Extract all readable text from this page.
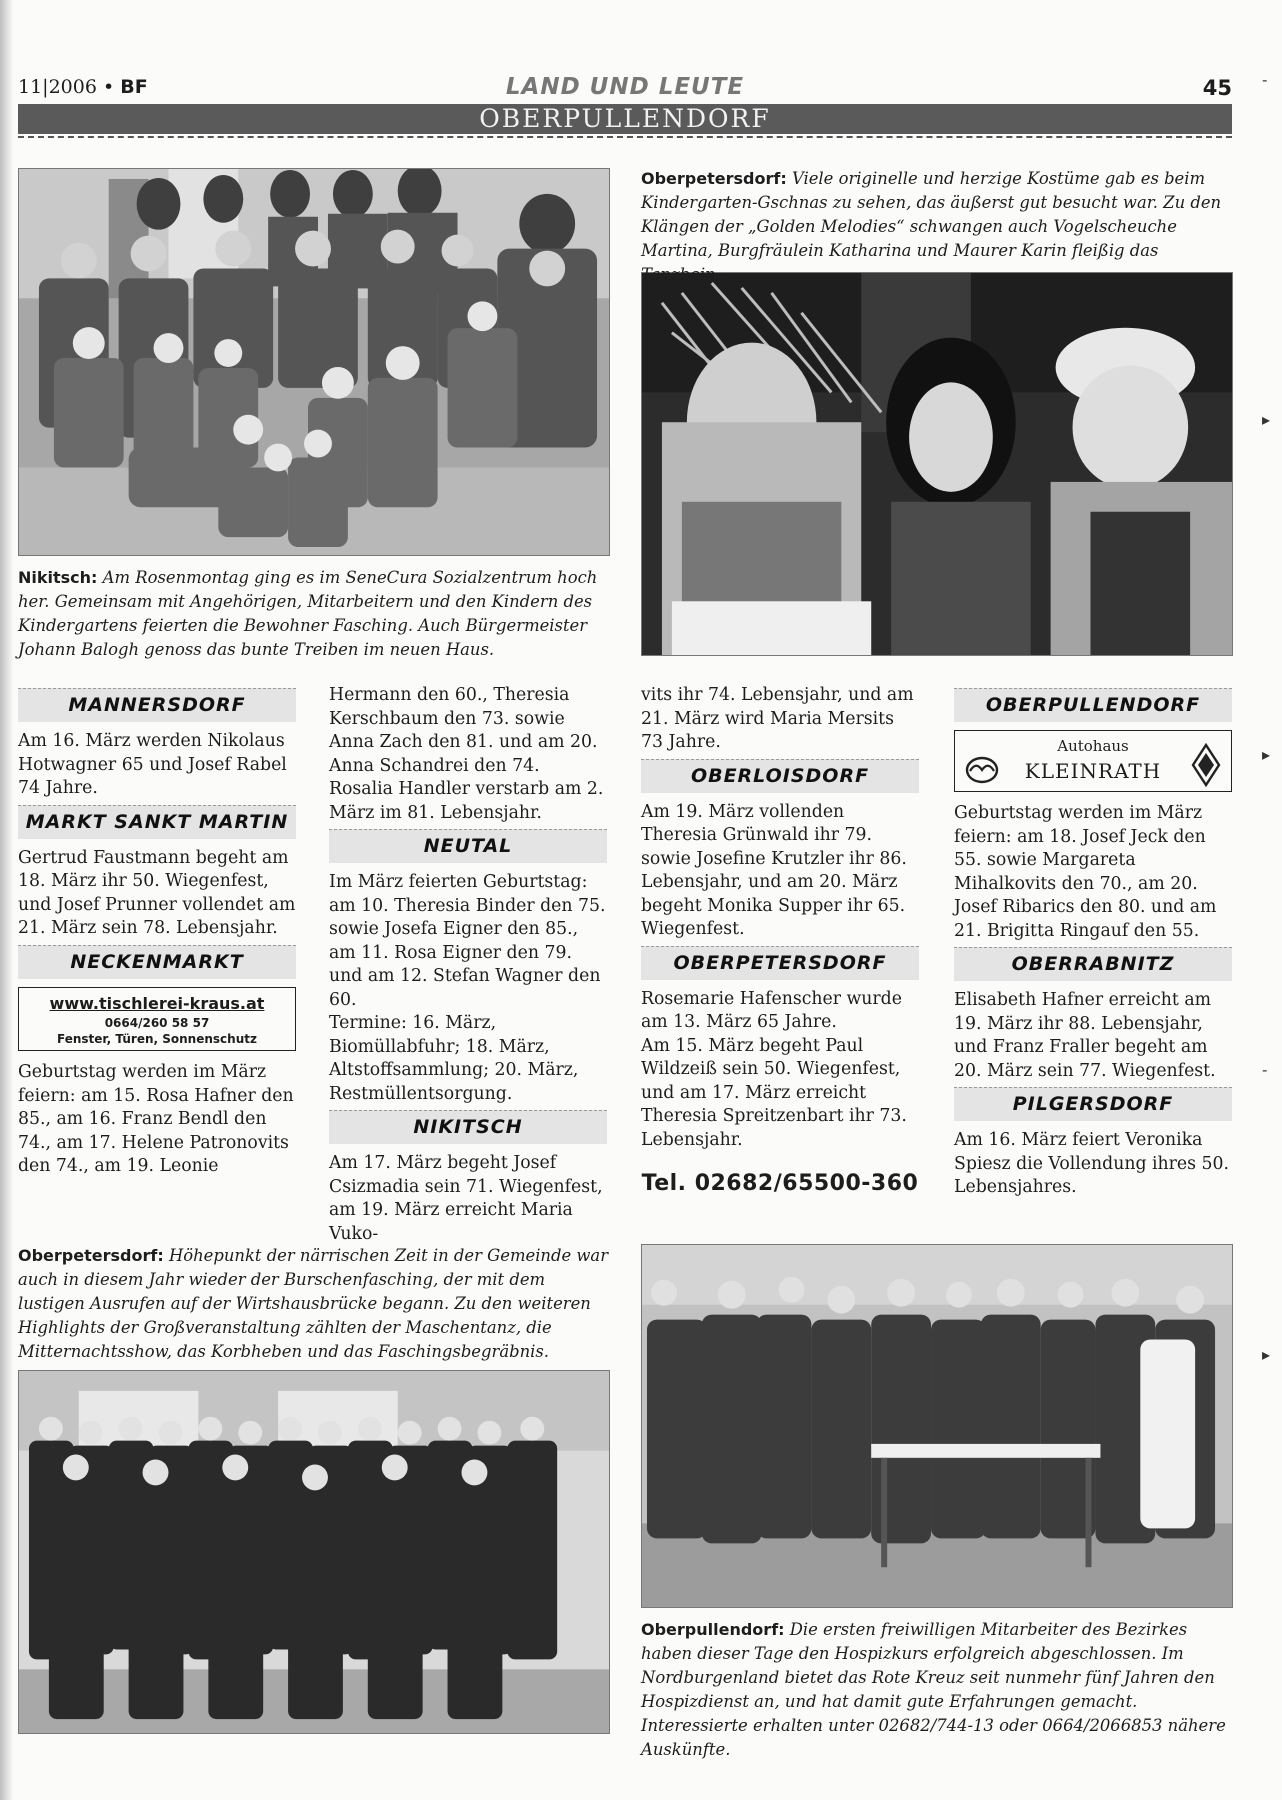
11|2006 • BF	LAND UND LEUTE	45
OBERPULLENDORF
Nikitsch: Am Rosenmontag ging es im SeneCura Sozialzentrum hoch her. Gemeinsam mit Angehörigen, Mitarbeitern und den Kindern des Kindergartens feierten die Bewohner Fasching. Auch Bürgermeister Johann Balogh genoss das bunte Treiben im neuen Haus.
Oberpetersdorf: Viele originelle und herzige Kostüme gab es beim Kindergarten-Gschnas zu sehen, das äußerst gut besucht war. Zu den Klängen der „Golden Melodies“ schwangen auch Vogelscheuche Martina, Burgfräulein Katharina und Maurer Karin fleißig das Tanzbein .
MANNERSDORF

Am 16. März werden Nikolaus Hotwagner 65 und Josef Rabel 74 Jahre.

MARKT SANKT MARTIN

Gertrud Faustmann begeht am 18. März ihr 50. Wiegenfest, und Josef Prunner vollendet am 21. März sein 78. Lebensjahr.

NECKENMARKT
www.tischlerei-kraus.at
0664/260 58 57
Fenster, Türen, Sonnenschutz

Geburtstag werden im März feiern: am 15. Rosa Hafner den 85., am 16. Franz Bendl den 74., am 17. Helene Patronovits den 74., am 19. Leonie

Hermann den 60., Theresia Kerschbaum den 73. sowie Anna Zach den 81. und am 20. Anna Schandrei den 74. Rosalia Handler verstarb am 2. März im 81. Lebensjahr.

NEUTAL

Im März feierten Geburtstag: am 10. Theresia Binder den 75. sowie Josefa Eigner den 85., am 11. Rosa Eigner den 79. und am 12. Stefan Wagner den 60.

Termine: 16. März, Biomüllabfuhr; 18. März, Altstoffsammlung; 20. März, Restmüllentsorgung.

NIKITSCH

Am 17. März begeht Josef Csizmadia sein 71. Wiegenfest, am 19. März erreicht Maria Vuko-

vits ihr 74. Lebensjahr, und am 21. März wird Maria Mersits 73 Jahre.

OBERLOISDORF

Am 19. März vollenden Theresia Grünwald ihr 79. sowie Josefine Krutzler ihr 86. Lebensjahr, und am 20. März begeht Monika Supper ihr 65. Wiegenfest.

OBERPETERSDORF

Rosemarie Hafenscher wurde am 13. März 65 Jahre.

Am 15. März begeht Paul Wildzeiß sein 50. Wiegenfest, und am 17. März erreicht Theresia Spreitzenbart ihr 73. Lebensjahr.

Tel. 02682/65500-360
OBERPULLENDORF
Autohaus
KLEINRATH

Geburtstag werden im März feiern: am 18. Josef Jeck den 55. sowie Margareta Mihalkovits den 70., am 20. Josef Ribarics den 80. und am 21. Brigitta Ringauf den 55.

OBERRABNITZ

Elisabeth Hafner erreicht am 19. März ihr 88. Lebensjahr, und Franz Fraller begeht am 20. März sein 77. Wiegenfest.

PILGERSDORF

Am 16. März feiert Veronika Spiesz die Vollendung ihres 50. Lebensjahres.

Oberpetersdorf: Höhepunkt der närrischen Zeit in der Gemeinde war auch in diesem Jahr wieder der Burschenfasching, der mit dem lustigen Ausrufen auf der Wirtshausbrücke begann. Zu den weiteren Highlights der Großveranstaltung zählten der Maschentanz, die Mitternachtsshow, das Korbheben und das Faschingsbegräbnis.
Oberpullendorf: Die ersten freiwilligen Mitarbeiter des Bezirkes haben dieser Tage den Hospizkurs erfolgreich abgeschlossen. Im Nordburgenland bietet das Rote Kreuz seit nunmehr fünf Jahren den Hospizdienst an, und hat damit gute Erfahrungen gemacht. Interessierte erhalten unter 02682/744-13 oder 0664/2066853 nähere Auskünfte.
-
▸
▸
-
▸
